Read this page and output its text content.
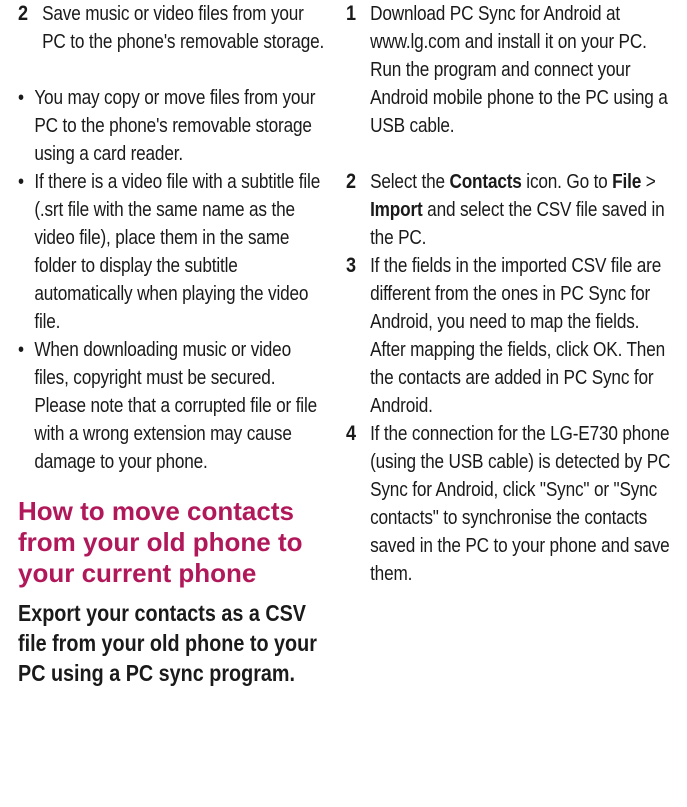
2 Save music or video files from your PC to the phone's removable storage.

• You may copy or move files from your PC to the phone's removable storage using a card reader.

• If there is a video file with a subtitle file (.srt file with the same name as the video file), place them in the same folder to display the subtitle automatically when playing the video file.

• When downloading music or video files, copyright must be secured. Please note that a corrupted file or file with a wrong extension may cause damage to your phone.

How to move contacts from your old phone to your current phone

Export your contacts as a CSV file from your old phone to your PC using a PC sync program.

1 Download PC Sync for Android at www.lg.com and install it on your PC. Run the program and connect your Android mobile phone to the PC using a USB cable.

2 Select the Contacts icon. Go to File > Import and select the CSV file saved in the PC.

3 If the fields in the imported CSV file are different from the ones in PC Sync for Android, you need to map the fields. After mapping the fields, click OK. Then the contacts are added in PC Sync for Android.

4 If the connection for the LG-E730 phone (using the USB cable) is detected by PC Sync for Android, click "Sync" or "Sync contacts" to synchronise the contacts saved in the PC to your phone and save them.
